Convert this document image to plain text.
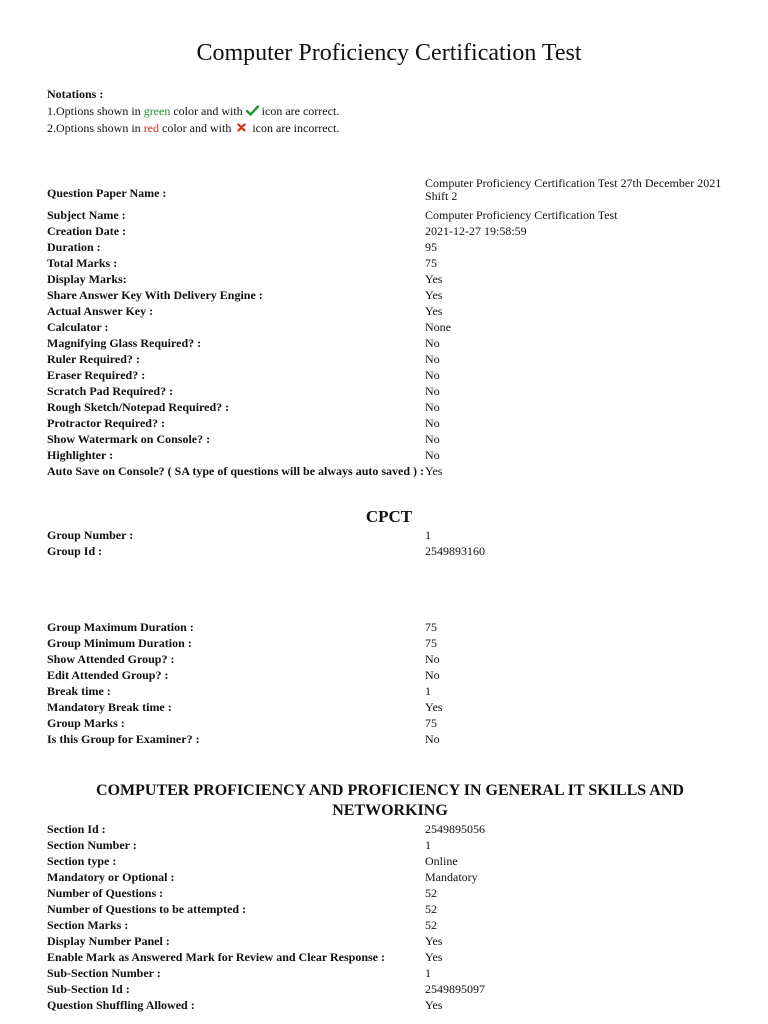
Computer Proficiency Certification Test
Notations :
1.Options shown in green color and with  icon are correct.
2.Options shown in red color and with  icon are incorrect.
Question Paper Name :
Computer Proficiency Certification Test 27th December 2021 Shift 2
Subject Name :	Computer Proficiency Certification Test
Creation Date :	2021-12-27 19:58:59
Duration :	95
Total Marks :	75
Display Marks:	Yes
Share Answer Key With Delivery Engine :	Yes
Actual Answer Key :	Yes
Calculator :	None
Magnifying Glass Required? :	No
Ruler Required? :	No
Eraser Required? :	No
Scratch Pad Required? :	No
Rough Sketch/Notepad Required? :	No
Protractor Required? :	No
Show Watermark on Console? :	No
Highlighter :	No
Auto Save on Console? ( SA type of questions will be always auto saved ) : Yes
CPCT
Group Number :	1
Group Id :	2549893160
Group Maximum Duration :	75
Group Minimum Duration :	75
Show Attended Group? :	No
Edit Attended Group? :	No
Break time :	1
Mandatory Break time :	Yes
Group Marks :	75
Is this Group for Examiner? :	No
COMPUTER PROFICIENCY AND PROFICIENCY IN GENERAL IT SKILLS AND NETWORKING
Section Id :	2549895056
Section Number :	1
Section type :	Online
Mandatory or Optional :	Mandatory
Number of Questions :	52
Number of Questions to be attempted :	52
Section Marks :	52
Display Number Panel :	Yes
Enable Mark as Answered Mark for Review and Clear Response :	Yes
Sub-Section Number :	1
Sub-Section Id :	2549895097
Question Shuffling Allowed :	Yes
